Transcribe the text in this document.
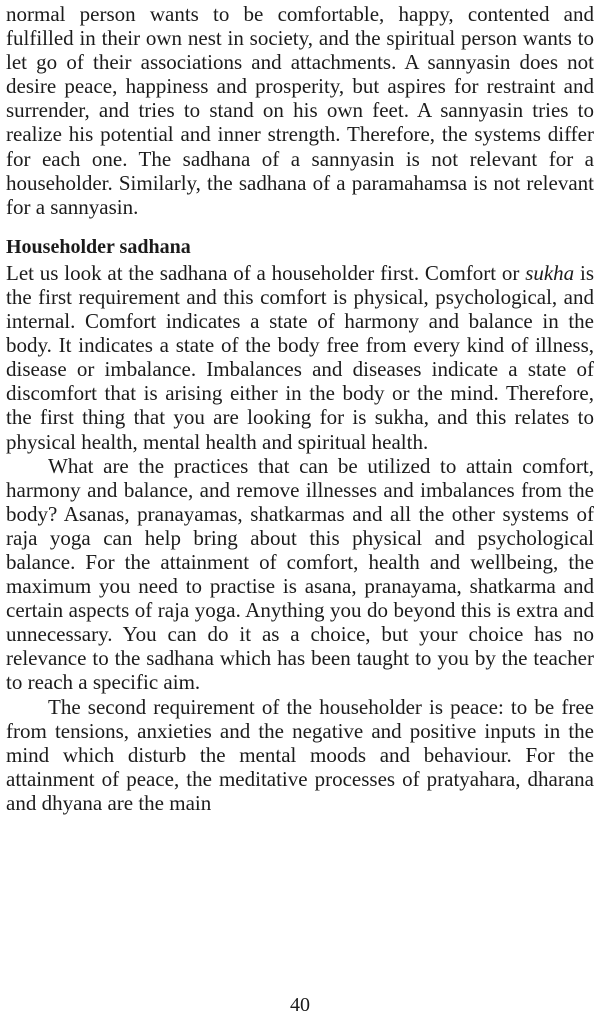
normal person wants to be comfortable, happy, contented and fulfilled in their own nest in society, and the spiritual person wants to let go of their associations and attachments. A sannyasin does not desire peace, happiness and prosperity, but aspires for restraint and surrender, and tries to stand on his own feet. A sannyasin tries to realize his potential and inner strength. Therefore, the systems differ for each one. The sadhana of a sannyasin is not relevant for a householder. Similarly, the sadhana of a paramahamsa is not relevant for a sannyasin.

Householder sadhana

Let us look at the sadhana of a householder first. Comfort or sukha is the first requirement and this comfort is physical, psychological, and internal. Comfort indicates a state of harmony and balance in the body. It indicates a state of the body free from every kind of illness, disease or imbalance. Imbalances and diseases indicate a state of discomfort that is arising either in the body or the mind. Therefore, the first thing that you are looking for is sukha, and this relates to physical health, mental health and spiritual health.

What are the practices that can be utilized to attain comfort, harmony and balance, and remove illnesses and imbalances from the body? Asanas, pranayamas, shatkarmas and all the other systems of raja yoga can help bring about this physical and psychological balance. For the attainment of comfort, health and wellbeing, the maximum you need to practise is asana, pranayama, shatkarma and certain aspects of raja yoga. Anything you do beyond this is extra and unnecessary. You can do it as a choice, but your choice has no relevance to the sadhana which has been taught to you by the teacher to reach a specific aim.

The second requirement of the householder is peace: to be free from tensions, anxieties and the negative and positive inputs in the mind which disturb the mental moods and behaviour. For the attainment of peace, the meditative processes of pratyahara, dharana and dhyana are the main

40
